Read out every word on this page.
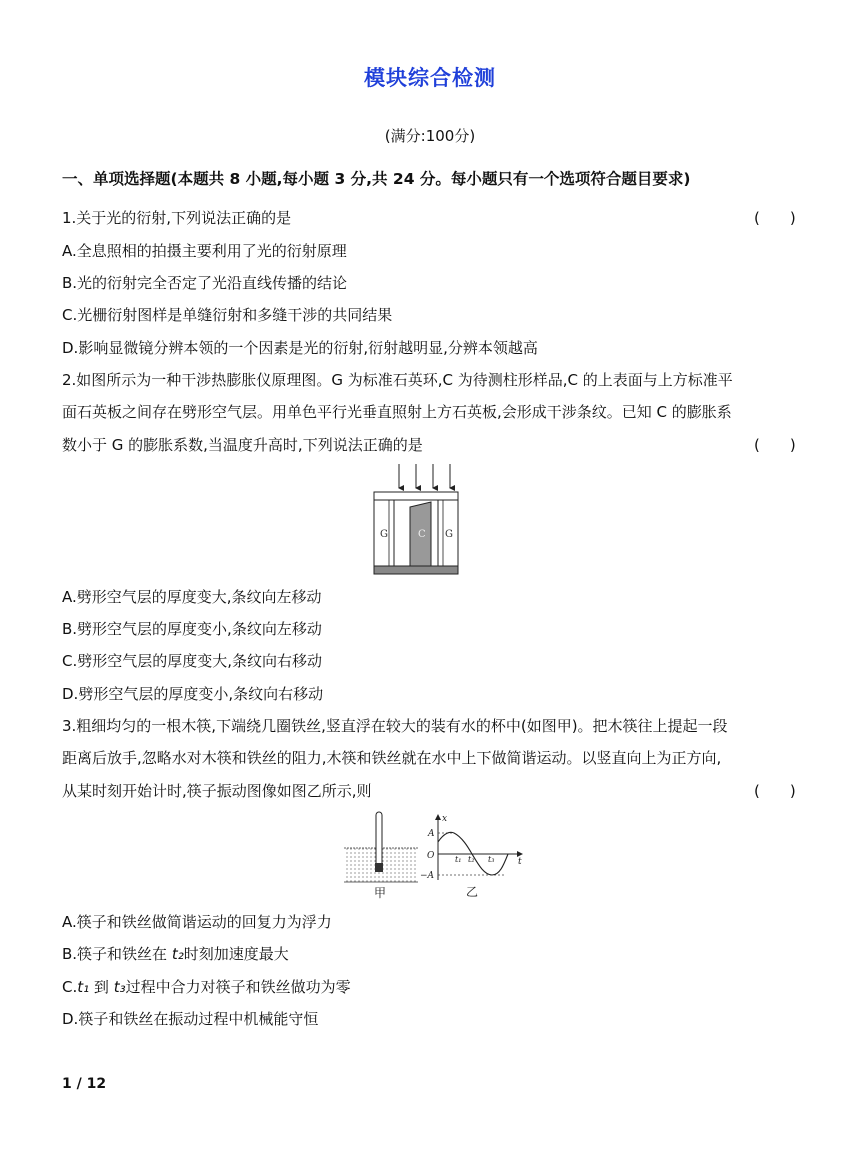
模块综合检测
(满分:100分)
一、单项选择题(本题共 8 小题,每小题 3 分,共 24 分。每小题只有一个选项符合题目要求)
1.关于光的衍射,下列说法正确的是	(　　)
A.全息照相的拍摄主要利用了光的衍射原理
B.光的衍射完全否定了光沿直线传播的结论
C.光栅衍射图样是单缝衍射和多缝干涉的共同结果
D.影响显微镜分辨本领的一个因素是光的衍射,衍射越明显,分辨本领越高
2.如图所示为一种干涉热膨胀仪原理图。G 为标准石英环,C 为待测柱形样品,C 的上表面与上方标准平
面石英板之间存在劈形空气层。用单色平行光垂直照射上方石英板,会形成干涉条纹。已知 C 的膨胀系
数小于 G 的膨胀系数,当温度升高时,下列说法正确的是	(　　)
G	C G
A.劈形空气层的厚度变大,条纹向左移动
B.劈形空气层的厚度变小,条纹向左移动
C.劈形空气层的厚度变大,条纹向右移动
D.劈形空气层的厚度变小,条纹向右移动
3.粗细均匀的一根木筷,下端绕几圈铁丝,竖直浮在较大的装有水的杯中(如图甲)。把木筷往上提起一段
距离后放手,忽略水对木筷和铁丝的阻力,木筷和铁丝就在水中上下做简谐运动。以竖直向上为正方向,
从某时刻开始计时,筷子振动图像如图乙所示,则	(　　)
甲
x
t
O
A
−A
t₁ t₂ t₃
乙
A.筷子和铁丝做简谐运动的回复力为浮力
B.筷子和铁丝在 t₂时刻加速度最大
C.t₁ 到 t₃过程中合力对筷子和铁丝做功为零
D.筷子和铁丝在振动过程中机械能守恒
1 / 12
